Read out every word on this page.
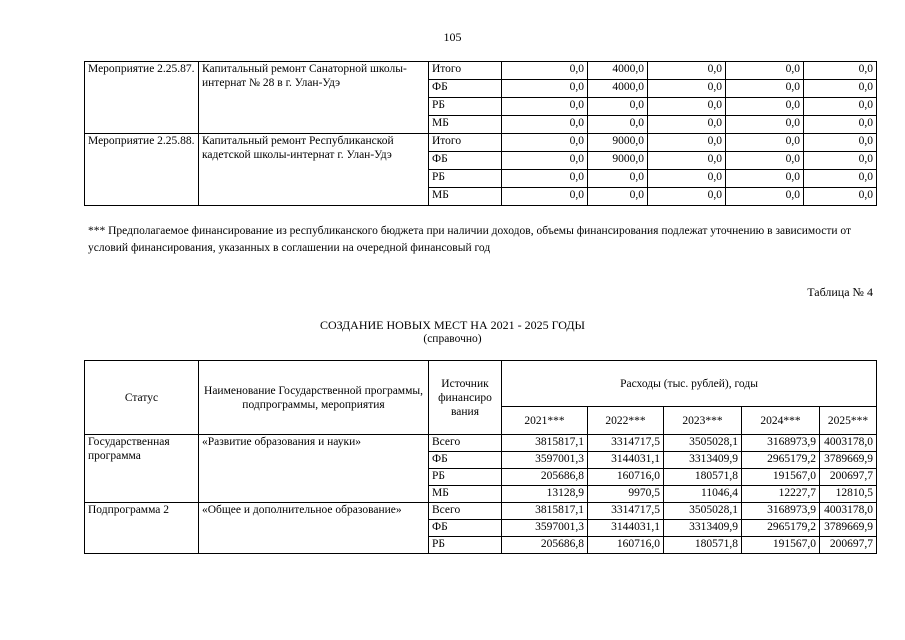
105
Мероприятие 2.25.87.	Капитальный ремонт Санаторной школы-интернат № 28 в г. Улан-Удэ	Итого	0,0	4000,0	0,0	0,0	0,0
		ФБ	0,0	4000,0	0,0	0,0	0,0
		РБ	0,0	0,0	0,0	0,0	0,0
		МБ	0,0	0,0	0,0	0,0	0,0
Мероприятие 2.25.88.	Капитальный ремонт Республиканской кадетской школы-интернат г. Улан-Удэ	Итого	0,0	9000,0	0,0	0,0	0,0
		ФБ	0,0	9000,0	0,0	0,0	0,0
		РБ	0,0	0,0	0,0	0,0	0,0
		МБ	0,0	0,0	0,0	0,0	0,0
*** Предполагаемое финансирование из республиканского бюджета при наличии доходов, объемы финансирования подлежат уточнению в зависимости от условий финансирования, указанных в соглашении на очередной финансовый год
Таблица № 4
СОЗДАНИЕ НОВЫХ МЕСТ НА 2021 - 2025 ГОДЫ
(справочно)
Статус	Наименование Государственной программы, подпрограммы, мероприятия	Источник финансиро вания	Расходы (тыс. рублей), годы				
			2021***	2022***	2023***	2024***	2025***
Государственная программа	«Развитие образования и науки»	Всего	3815817,1	3314717,5	3505028,1	3168973,9	4003178,0
		ФБ	3597001,3	3144031,1	3313409,9	2965179,2	3789669,9
		РБ	205686,8	160716,0	180571,8	191567,0	200697,7
		МБ	13128,9	9970,5	11046,4	12227,7	12810,5
Подпрограмма 2	«Общее и дополнительное образование»	Всего	3815817,1	3314717,5	3505028,1	3168973,9	4003178,0
		ФБ	3597001,3	3144031,1	3313409,9	2965179,2	3789669,9
		РБ	205686,8	160716,0	180571,8	191567,0	200697,7
